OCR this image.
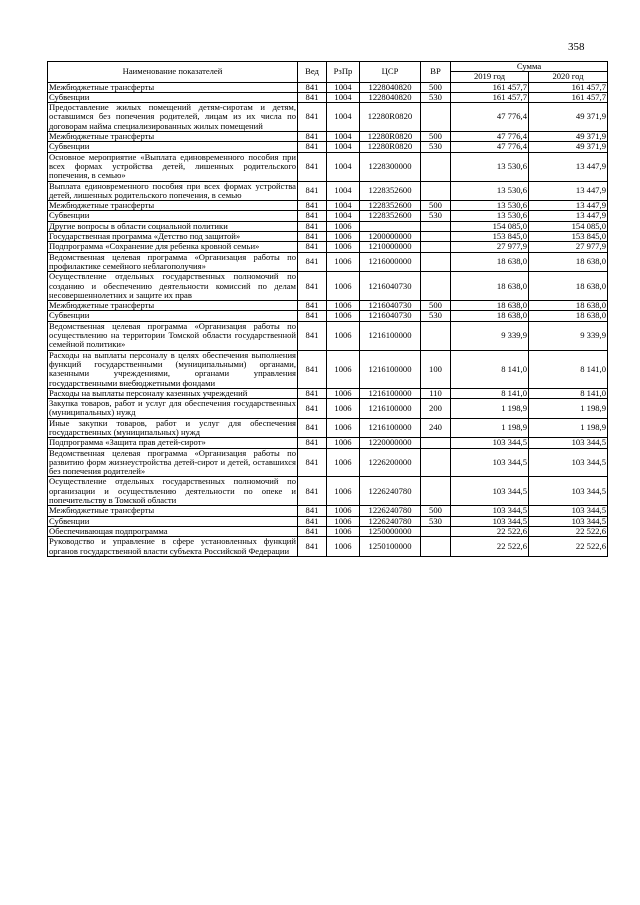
358
Наименование показателей	Вед	РзПр	ЦСР	ВР	Сумма	
					2019 год	2020 год
Межбюджетные трансферты	841	1004	1228040820	500	161 457,7	161 457,7
Субвенции	841	1004	1228040820	530	161 457,7	161 457,7
Предоставление жилых помещений детям-сиротам и детям, оставшимся без попечения родителей, лицам из их числа по договорам найма специализированных жилых помещений	841	1004	12280R0820		47 776,4	49 371,9
Межбюджетные трансферты	841	1004	12280R0820	500	47 776,4	49 371,9
Субвенции	841	1004	12280R0820	530	47 776,4	49 371,9
Основное мероприятие «Выплата единовременного пособия при всех формах устройства детей, лишенных родительского попечения, в семью»	841	1004	1228300000		13 530,6	13 447,9
Выплата единовременного пособия при всех формах устройства детей, лишенных родительского попечения, в семью	841	1004	1228352600		13 530,6	13 447,9
Межбюджетные трансферты	841	1004	1228352600	500	13 530,6	13 447,9
Субвенции	841	1004	1228352600	530	13 530,6	13 447,9
Другие вопросы в области социальной политики	841	1006			154 085,0	154 085,0
Государственная программа «Детство под защитой»	841	1006	1200000000		153 845,0	153 845,0
Подпрограмма «Сохранение для ребенка кровной семьи»	841	1006	1210000000		27 977,9	27 977,9
Ведомственная целевая программа «Организация работы по профилактике семейного неблагополучия»	841	1006	1216000000		18 638,0	18 638,0
Осуществление отдельных государственных полномочий по созданию и обеспечению деятельности комиссий по делам несовершеннолетних и защите их прав	841	1006	1216040730		18 638,0	18 638,0
Межбюджетные трансферты	841	1006	1216040730	500	18 638,0	18 638,0
Субвенции	841	1006	1216040730	530	18 638,0	18 638,0
Ведомственная целевая программа «Организация работы по осуществлению на территории Томской области государственной семейной политики»	841	1006	1216100000		9 339,9	9 339,9
Расходы на выплаты персоналу в целях обеспечения выполнения функций государственными (муниципальными) органами, казенными учреждениями, органами управления государственными внебюджетными фондами	841	1006	1216100000	100	8 141,0	8 141,0
Расходы на выплаты персоналу казенных учреждений	841	1006	1216100000	110	8 141,0	8 141,0
Закупка товаров, работ и услуг для обеспечения государственных (муниципальных) нужд	841	1006	1216100000	200	1 198,9	1 198,9
Иные закупки товаров, работ и услуг для обеспечения государственных (муниципальных) нужд	841	1006	1216100000	240	1 198,9	1 198,9
Подпрограмма «Защита прав детей-сирот»	841	1006	1220000000		103 344,5	103 344,5
Ведомственная целевая программа «Организация работы по развитию форм жизнеустройства детей-сирот и детей, оставшихся без попечения родителей»	841	1006	1226200000		103 344,5	103 344,5
Осуществление отдельных государственных полномочий по организации и осуществлению деятельности по опеке и попечительству в Томской области	841	1006	1226240780		103 344,5	103 344,5
Межбюджетные трансферты	841	1006	1226240780	500	103 344,5	103 344,5
Субвенции	841	1006	1226240780	530	103 344,5	103 344,5
Обеспечивающая подпрограмма	841	1006	1250000000		22 522,6	22 522,6
Руководство и управление в сфере установленных функций органов государственной власти субъекта Российской Федерации	841	1006	1250100000		22 522,6	22 522,6
